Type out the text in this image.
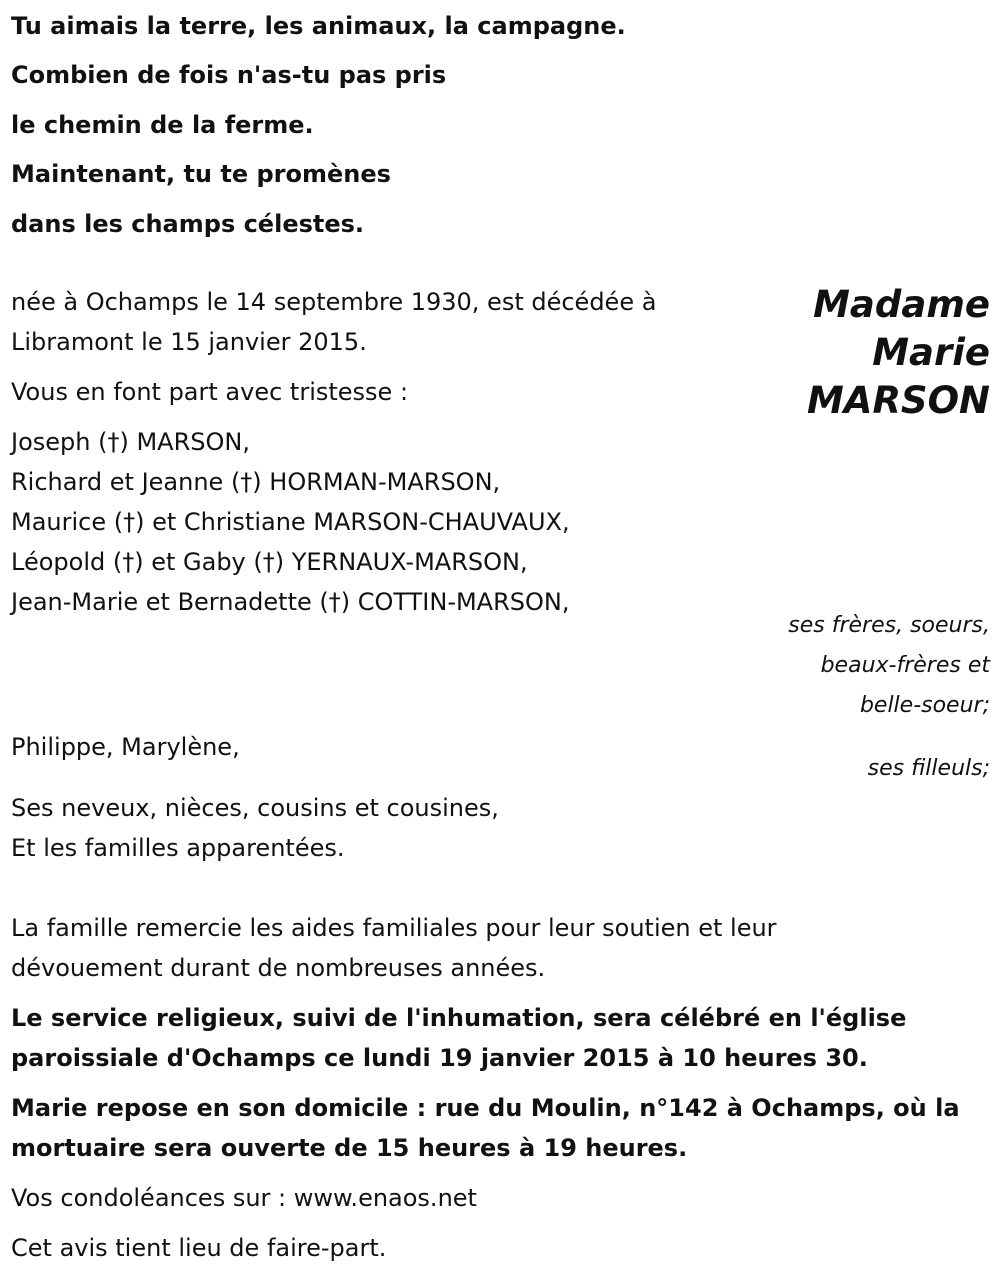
Tu aimais la terre, les animaux, la campagne.
Combien de fois n'as-tu pas pris
le chemin de la ferme.
Maintenant, tu te promènes
dans les champs célestes.
Madame
Marie
MARSON
née à Ochamps le 14 septembre 1930, est décédée à
Libramont le 15 janvier 2015.
Vous en font part avec tristesse :
Joseph (†) MARSON,
Richard et Jeanne (†) HORMAN-MARSON,
Maurice (†) et Christiane MARSON-CHAUVAUX,
Léopold (†) et Gaby (†) YERNAUX-MARSON,
Jean-Marie et Bernadette (†) COTTIN-MARSON,
ses frères, soeurs,
beaux-frères et
belle-soeur;
Philippe, Marylène,
ses filleuls;
Ses neveux, nièces, cousins et cousines,
Et les familles apparentées.
La famille remercie les aides familiales pour leur soutien et leur
dévouement durant de nombreuses années.
Le service religieux, suivi de l'inhumation, sera célébré en l'église
paroissiale d'Ochamps ce lundi 19 janvier 2015 à 10 heures 30.
Marie repose en son domicile : rue du Moulin, n°142 à Ochamps, où la
mortuaire sera ouverte de 15 heures à 19 heures.
Vos condoléances sur : www.enaos.net
Cet avis tient lieu de faire-part.
